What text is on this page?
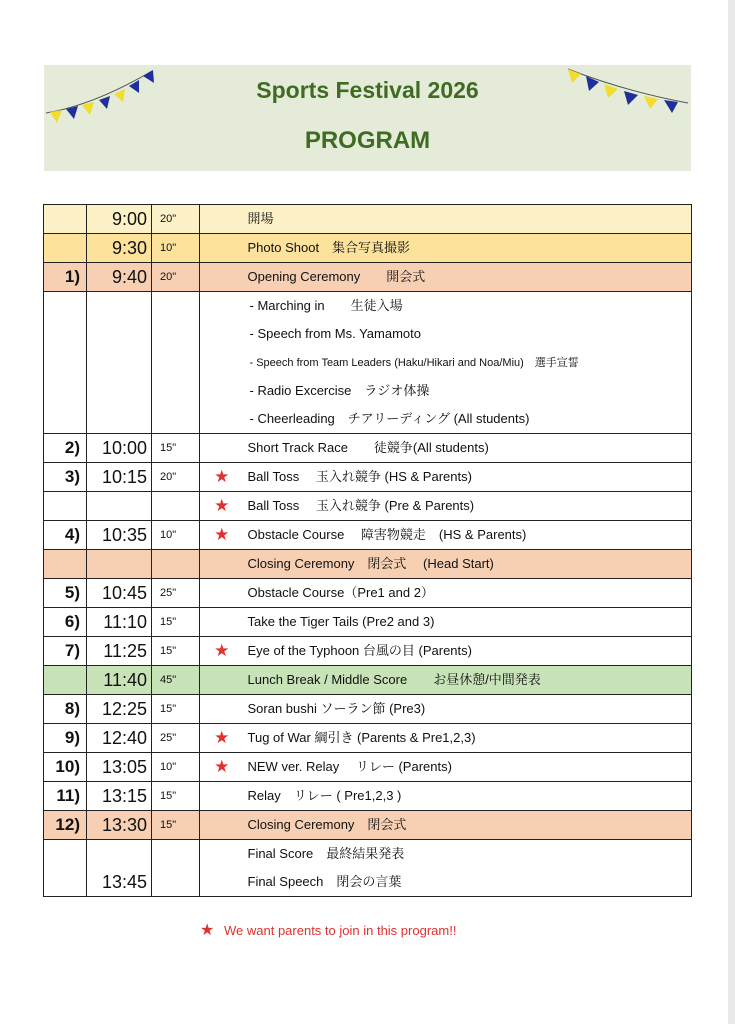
Sports Festival 2026
PROGRAM
	9:00	20"		開場
	9:30	10"		Photo Shoot　集合写真撮影
1)	9:40	20"		Opening Ceremony　　開会式
				- Marching in　　生徒入場
				- Speech from Ms. Yamamoto
				- Speech from Team Leaders (Haku/Hikari and Noa/Miu)　選手宣誓
				- Radio Excercise　ラジオ体操
				- Cheerleading　チアリーディング (All students)
2)	10:00	15"		Short Track Race　　徒競争(All students)
3)	10:15	20"	★	Ball Toss　 玉入れ競争 (HS & Parents)
			★	Ball Toss　 玉入れ競争 (Pre & Parents)
4)	10:35	10"	★	Obstacle Course　 障害物競走　(HS & Parents)
				Closing Ceremony　閉会式　 (Head Start)
5)	10:45	25"		Obstacle Course（Pre1 and 2）
6)	11:10	15"		Take the Tiger Tails (Pre2 and 3)
7)	11:25	15"	★	Eye of the Typhoon 台風の目 (Parents)
	11:40	45"		Lunch Break / Middle Score　　お昼休憩/中間発表
8)	12:25	15"		Soran bushi ソーラン節 (Pre3)
9)	12:40	25"	★	Tug of War 綱引き (Parents & Pre1,2,3)
10)	13:05	10"	★	NEW ver. Relay　 リレー (Parents)
11)	13:15	15"		Relay　リレー ( Pre1,2,3 )
12)	13:30	15"		Closing Ceremony　閉会式
				Final Score　最終結果発表
	13:45			Final Speech　閉会の言葉
★ We want parents to join in this program!!
